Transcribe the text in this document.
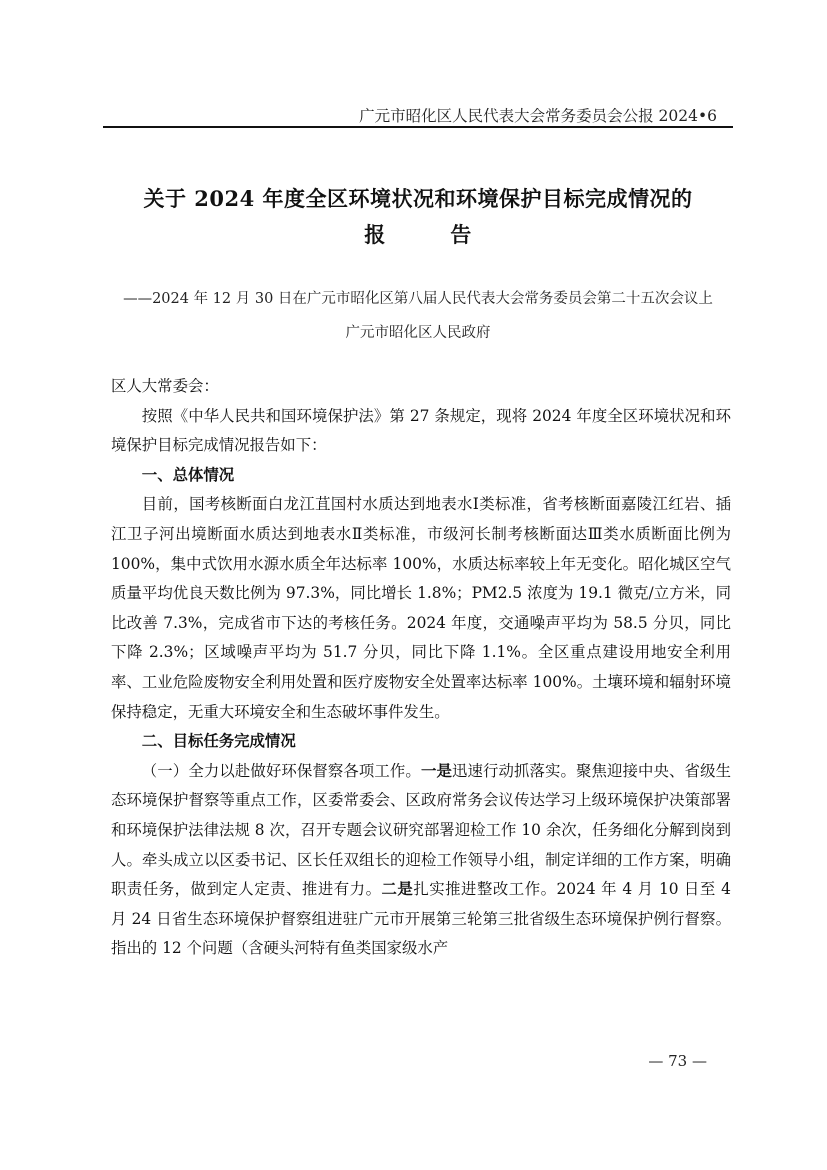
广元市昭化区人民代表大会常务委员会公报 2024•6
关于 2024 年度全区环境状况和环境保护目标完成情况的
报　　　告
——2024 年 12 月 30 日在广元市昭化区第八届人民代表大会常务委员会第二十五次会议上
广元市昭化区人民政府

区人大常委会：

按照《中华人民共和国环境保护法》第 27 条规定，现将 2024 年度全区环境状况和环境保护目标完成情况报告如下：

一、总体情况

目前，国考核断面白龙江苴国村水质达到地表水Ⅰ类标准，省考核断面嘉陵江红岩、插江卫子河出境断面水质达到地表水Ⅱ类标准，市级河长制考核断面达Ⅲ类水质断面比例为 100%，集中式饮用水源水质全年达标率 100%，水质达标率较上年无变化。昭化城区空气质量平均优良天数比例为 97.3%，同比增长 1.8%；PM2.5 浓度为 19.1 微克/立方米，同比改善 7.3%，完成省市下达的考核任务。2024 年度，交通噪声平均为 58.5 分贝，同比下降 2.3%；区域噪声平均为 51.7 分贝，同比下降 1.1%。全区重点建设用地安全利用率、工业危险废物安全利用处置和医疗废物安全处置率达标率 100%。土壤环境和辐射环境保持稳定，无重大环境安全和生态破坏事件发生。

二、目标任务完成情况

（一）全力以赴做好环保督察各项工作。一是迅速行动抓落实。聚焦迎接中央、省级生态环境保护督察等重点工作，区委常委会、区政府常务会议传达学习上级环境保护决策部署和环境保护法律法规 8 次，召开专题会议研究部署迎检工作 10 余次，任务细化分解到岗到人。牵头成立以区委书记、区长任双组长的迎检工作领导小组，制定详细的工作方案，明确职责任务，做到定人定责、推进有力。二是扎实推进整改工作。2024 年 4 月 10 日至 4 月 24 日省生态环境保护督察组进驻广元市开展第三轮第三批省级生态环境保护例行督察。指出的 12 个问题（含硬头河特有鱼类国家级水产

— 73 —
